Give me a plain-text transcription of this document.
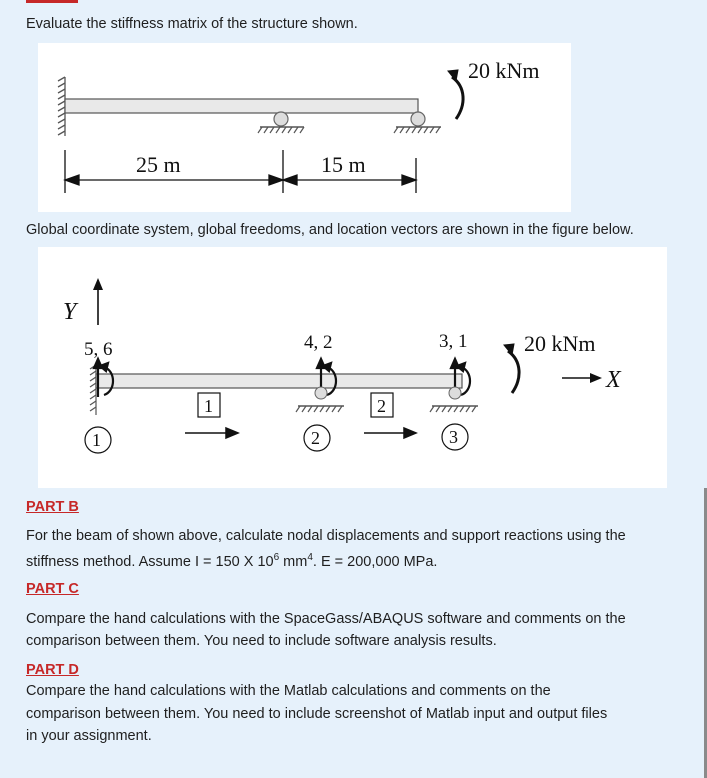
Evaluate the stiffness matrix of the structure shown.

20 kNm
25 m	15 m

Global coordinate system, global freedoms, and location vectors are shown in the figure below.

Y
X
5, 6	4, 2	3, 1	20 kNm
1	2
1	2	3
PART B

For the beam of shown above, calculate nodal displacements and support reactions using the

stiffness method. Assume I = 150 X $10^6$ $mm^4$. E = 200,000 MPa.

PART C

Compare the hand calculations with the SpaceGass/ABAQUS software and comments on the

comparison between them. You need to include software analysis results.

PART D

Compare the hand calculations with the Matlab calculations and comments on the

comparison between them. You need to include screenshot of Matlab input and output files

in your assignment.
